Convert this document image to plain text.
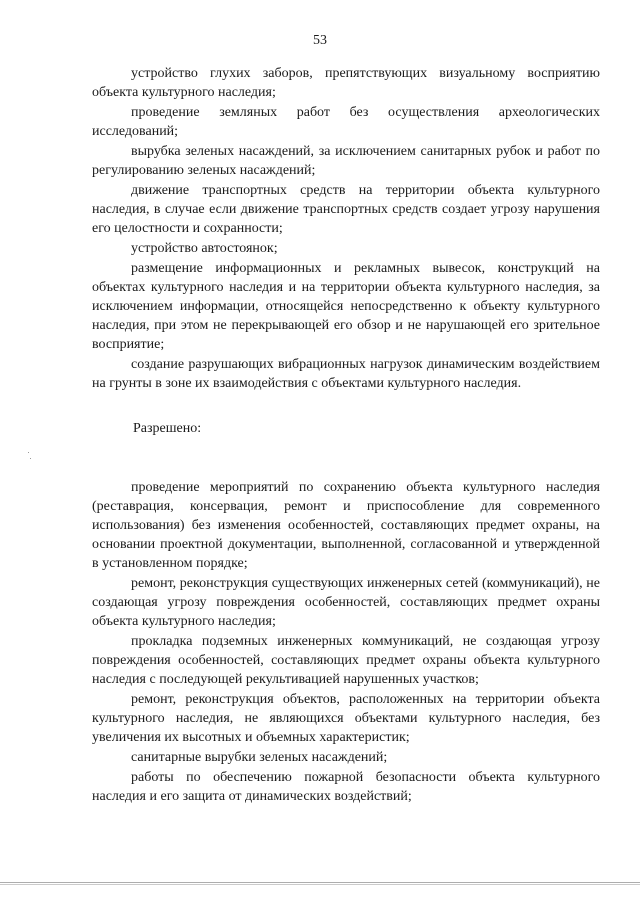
53

устройство глухих заборов, препятствующих визуальному восприятию объекта культурного наследия;

проведение земляных работ без осуществления археологических исследований;

вырубка зеленых насаждений, за исключением санитарных рубок и работ по регулированию зеленых насаждений;

движение транспортных средств на территории объекта культурного наследия, в случае если движение транспортных средств создает угрозу нарушения его целостности и сохранности;

устройство автостоянок;

размещение информационных и рекламных вывесок, конструкций на объектах культурного наследия и на территории объекта культурного наследия, за исключением информации, относящейся непосредственно к объекту культурного наследия, при этом не перекрывающей его обзор и не нарушающей его зрительное восприятие;

создание разрушающих вибрационных нагрузок динамическим воздействием на грунты в зоне их взаимодействия с объектами культурного наследия.

Разрешено:

проведение мероприятий по сохранению объекта культурного наследия (реставрация, консервация, ремонт и приспособление для современного использования) без изменения особенностей, составляющих предмет охраны, на основании проектной документации, выполненной, согласованной и утвержденной в установленном порядке;

ремонт, реконструкция существующих инженерных сетей (коммуникаций), не создающая угрозу повреждения особенностей, составляющих предмет охраны объекта культурного наследия;

прокладка подземных инженерных коммуникаций, не создающая угрозу повреждения особенностей, составляющих предмет охраны объекта культурного наследия с последующей рекультивацией нарушенных участков;

ремонт, реконструкция объектов, расположенных на территории объекта культурного наследия, не являющихся объектами культурного наследия, без увеличения их высотных и объемных характеристик;

санитарные вырубки зеленых насаждений;

работы по обеспечению пожарной безопасности объекта культурного наследия и его защита от динамических воздействий;
